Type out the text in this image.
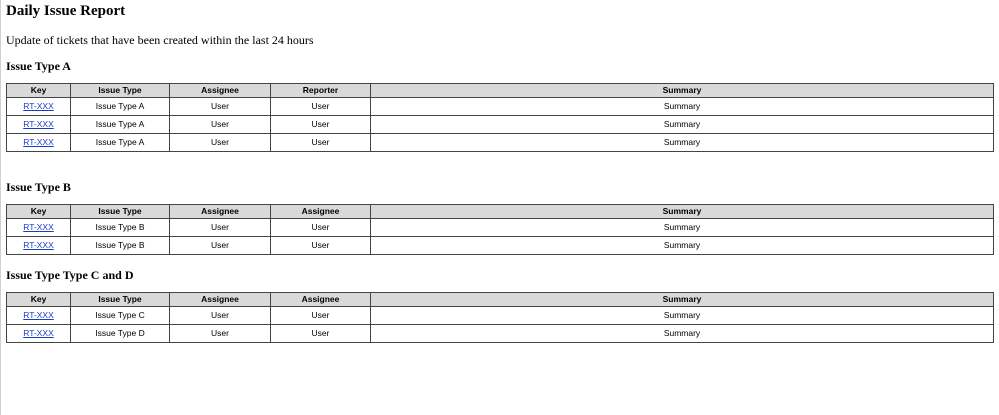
Daily Issue Report

Update of tickets that have been created within the last 24 hours

Issue Type A
Key	Issue Type	Assignee	Reporter	Summary
RT-XXX	Issue Type A	User	User	Summary
RT-XXX	Issue Type A	User	User	Summary
RT-XXX	Issue Type A	User	User	Summary
Issue Type B
Key	Issue Type	Assignee	Assignee	Summary
RT-XXX	Issue Type B	User	User	Summary
RT-XXX	Issue Type B	User	User	Summary
Issue Type Type C and D
Key	Issue Type	Assignee	Assignee	Summary
RT-XXX	Issue Type C	User	User	Summary
RT-XXX	Issue Type D	User	User	Summary
